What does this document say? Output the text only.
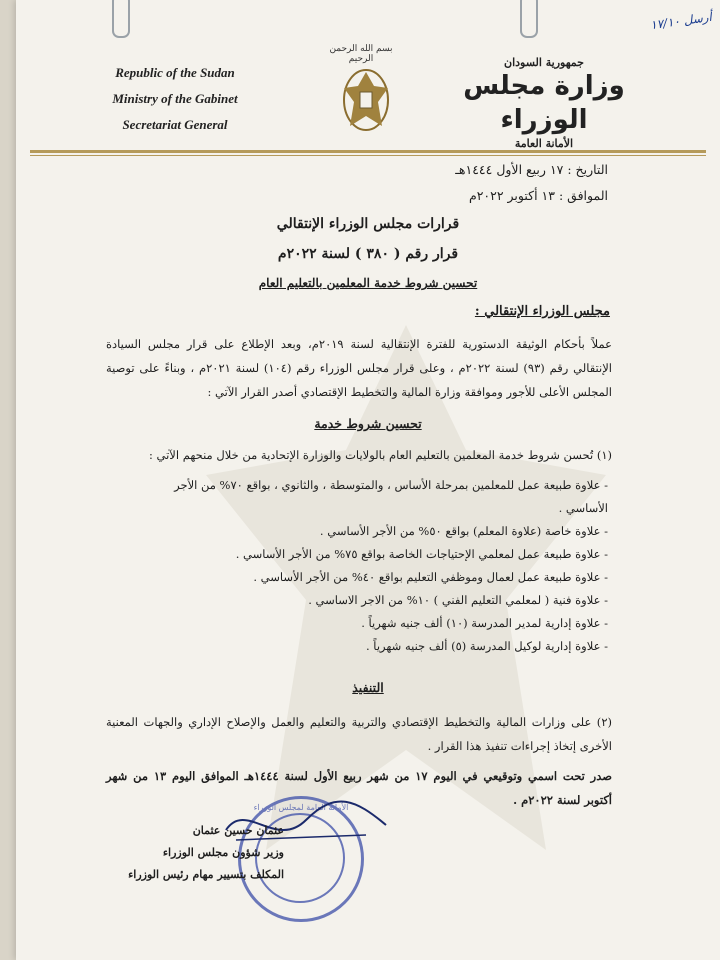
Republic of the Sudan
Ministry of the Gabinet
Secretariat General
بسم الله الرحمن الرحيم	جمهورية السودان
وزارة مجلس الوزراء
الأمانة العامة
أرسل ١٧/١٠
التاريخ : ١٧ ربيع الأول ١٤٤٤هـ
الموافق : ١٣ أكتوبر ٢٠٢٢م
قرارات مجلس الوزراء الإنتقالي
قرار رقم ( ٣٨٠ ) لسنة ٢٠٢٢م
تحسين شروط خدمة المعلمين بالتعليم العام
مجلس الوزراء الإنتقالي :
عملاً بأحكام الوثيقة الدستورية للفترة الإنتقالية لسنة ٢٠١٩م، وبعد الإطلاع على قرار مجلس السيادة الإنتقالي رقم (٩٣) لسنة ٢٠٢٢م ، وعلى قرار مجلس الوزراء رقم (١٠٤) لسنة ٢٠٢١م ، وبناءً على توصية المجلس الأعلى للأجور وموافقة وزارة المالية والتخطيط الإقتصادي أصدر القرار الآتي :
تحسين شروط خدمة
(١) تُحسن شروط خدمة المعلمين بالتعليم العام بالولايات والوزارة الإتحادية من خلال منحهم الآتي :
- علاوة طبيعة عمل للمعلمين بمرحلة الأساس ، والمتوسطة ، والثانوي ، بواقع ٧٠% من الأجر الأساسي .
- علاوة خاصة (علاوة المعلم) بواقع ٥٠% من الأجر الأساسي .
- علاوة طبيعة عمل لمعلمي الإحتياجات الخاصة بواقع ٧٥% من الأجر الأساسي .
- علاوة طبيعة عمل لعمال وموظفي التعليم بواقع ٤٠% من الأجر الأساسي .
- علاوة فنية ( لمعلمي التعليم الفني ) ١٠% من الاجر الاساسي .
- علاوة إدارية لمدير المدرسة (١٠) ألف جنيه شهرياً .
- علاوة إدارية لوكيل المدرسة (٥) ألف جنيه شهرياً .
التنفيذ
(٢) على وزارات المالية والتخطيط الإقتصادي والتربية والتعليم والعمل والإصلاح الإداري والجهات المعنية الأخرى إتخاذ إجراءات تنفيذ هذا القرار .
صدر تحت اسمي وتوقيعي في اليوم ١٧ من شهر ربيع الأول لسنة ١٤٤٤هـ الموافق اليوم ١٣ من شهر أكتوبر لسنة ٢٠٢٢م .
الأمانة العامة لمجلس الوزراء
عثمان حسين عثمان
وزير شؤون مجلس الوزراء
المكلف بتسيير مهام رئيس الوزراء
